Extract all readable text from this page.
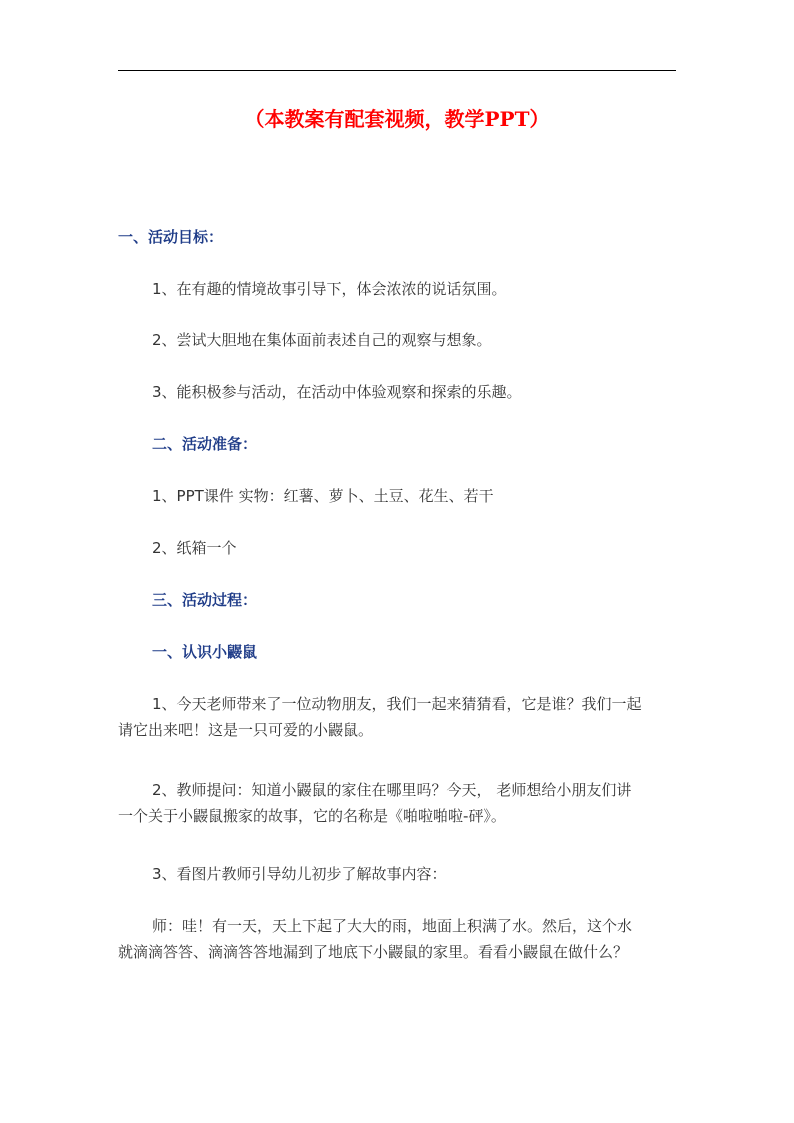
（本教案有配套视频，教学PPT）
一、活动目标：
1、在有趣的情境故事引导下，体会浓浓的说话氛围。
2、尝试大胆地在集体面前表述自己的观察与想象。
3、能积极参与活动，在活动中体验观察和探索的乐趣。
二、活动准备：
1、PPT课件 实物：红薯、萝卜、土豆、花生、若干
2、纸箱一个
三、活动过程：
一、认识小鼹鼠
1、今天老师带来了一位动物朋友，我们一起来猜猜看，它是谁？我们一起
请它出来吧！这是一只可爱的小鼹鼠。
2、教师提问：知道小鼹鼠的家住在哪里吗？今天， 老师想给小朋友们讲
一个关于小鼹鼠搬家的故事，它的名称是《啪啦啪啦-砰》。
3、看图片教师引导幼儿初步了解故事内容：
师：哇！有一天，天上下起了大大的雨，地面上积满了水。然后，这个水
就滴滴答答、滴滴答答地漏到了地底下小鼹鼠的家里。看看小鼹鼠在做什么？
